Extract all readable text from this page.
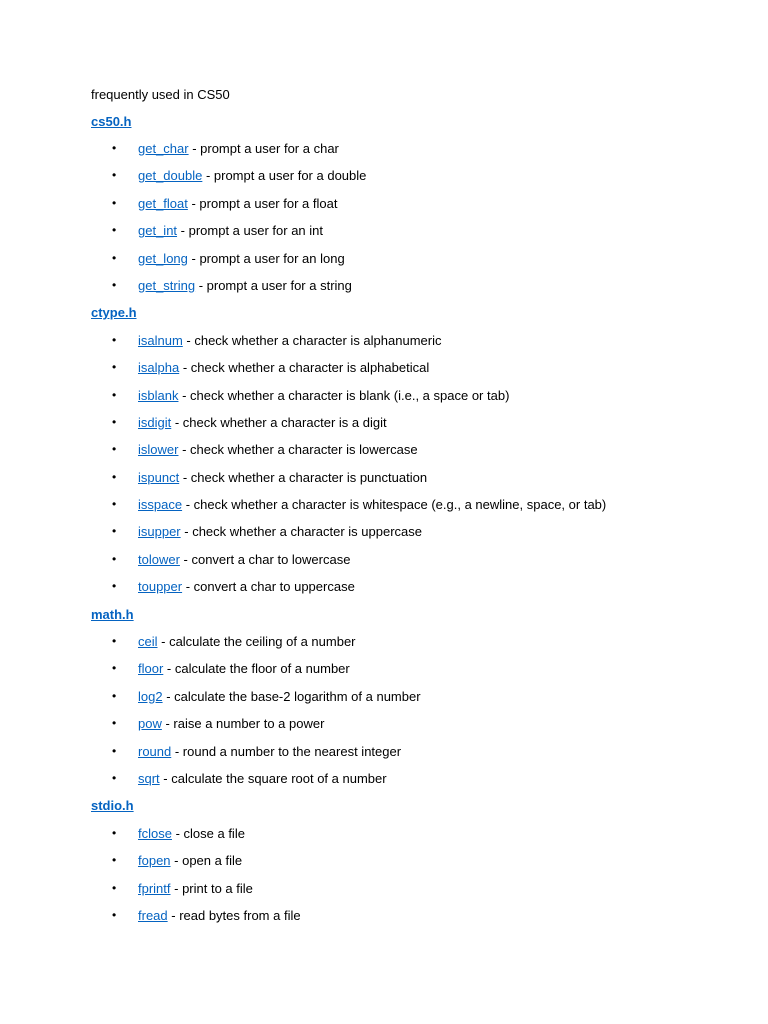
frequently used in CS50
cs50.h
• get_char - prompt a user for a char
• get_double - prompt a user for a double
• get_float - prompt a user for a float
• get_int - prompt a user for an int
• get_long - prompt a user for an long
• get_string - prompt a user for a string
ctype.h
• isalnum - check whether a character is alphanumeric
• isalpha - check whether a character is alphabetical
• isblank - check whether a character is blank (i.e., a space or tab)
• isdigit - check whether a character is a digit
• islower - check whether a character is lowercase
• ispunct - check whether a character is punctuation
• isspace - check whether a character is whitespace (e.g., a newline, space, or tab)
• isupper - check whether a character is uppercase
• tolower - convert a char to lowercase
• toupper - convert a char to uppercase
math.h
• ceil - calculate the ceiling of a number
• floor - calculate the floor of a number
• log2 - calculate the base-2 logarithm of a number
• pow - raise a number to a power
• round - round a number to the nearest integer
• sqrt - calculate the square root of a number
stdio.h
• fclose - close a file
• fopen - open a file
• fprintf - print to a file
• fread - read bytes from a file
